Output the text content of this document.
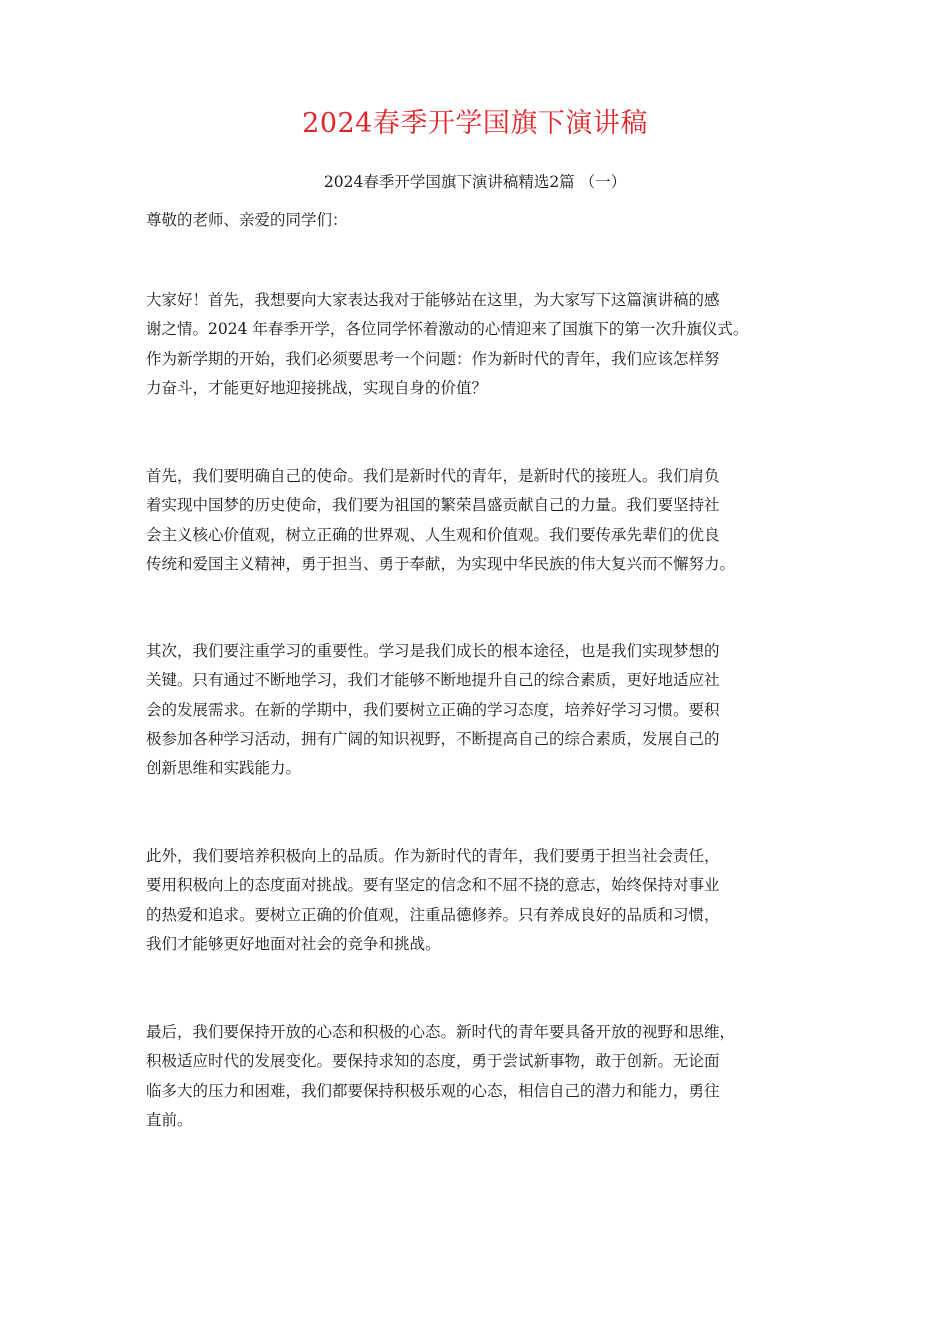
2024春季开学国旗下演讲稿
2024春季开学国旗下演讲稿精选2篇 （一）
尊敬的老师、亲爱的同学们：
大家好！首先，我想要向大家表达我对于能够站在这里，为大家写下这篇演讲稿的感
谢之情。2024 年春季开学，各位同学怀着激动的心情迎来了国旗下的第一次升旗仪式。
作为新学期的开始，我们必须要思考一个问题：作为新时代的青年，我们应该怎样努
力奋斗，才能更好地迎接挑战，实现自身的价值？
首先，我们要明确自己的使命。我们是新时代的青年，是新时代的接班人。我们肩负
着实现中国梦的历史使命，我们要为祖国的繁荣昌盛贡献自己的力量。我们要坚持社
会主义核心价值观，树立正确的世界观、人生观和价值观。我们要传承先辈们的优良
传统和爱国主义精神，勇于担当、勇于奉献，为实现中华民族的伟大复兴而不懈努力。
其次，我们要注重学习的重要性。学习是我们成长的根本途径，也是我们实现梦想的
关键。只有通过不断地学习，我们才能够不断地提升自己的综合素质，更好地适应社
会的发展需求。在新的学期中，我们要树立正确的学习态度，培养好学习习惯。要积
极参加各种学习活动，拥有广阔的知识视野，不断提高自己的综合素质，发展自己的
创新思维和实践能力。
此外，我们要培养积极向上的品质。作为新时代的青年，我们要勇于担当社会责任，
要用积极向上的态度面对挑战。要有坚定的信念和不屈不挠的意志，始终保持对事业
的热爱和追求。要树立正确的价值观，注重品德修养。只有养成良好的品质和习惯，
我们才能够更好地面对社会的竞争和挑战。
最后，我们要保持开放的心态和积极的心态。新时代的青年要具备开放的视野和思维，
积极适应时代的发展变化。要保持求知的态度，勇于尝试新事物，敢于创新。无论面
临多大的压力和困难，我们都要保持积极乐观的心态，相信自己的潜力和能力，勇往
直前。
